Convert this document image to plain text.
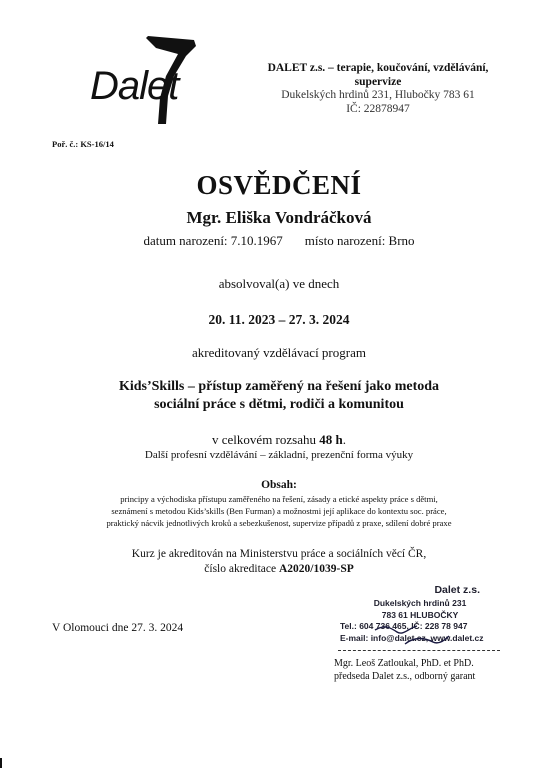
Dalet	DALET z.s. – terapie, koučování, vzdělávání,
supervize
Dukelských hrdinů 231, Hlubočky 783 61
IČ: 22878947
Poř. č.: KS-16/14
OSVĚDČENÍ
Mgr. Eliška Vondráčková
datum narození: 7.10.1967 místo narození: Brno
absolvoval(a) ve dnech
20. 11. 2023 – 27. 3. 2024
akreditovaný vzdělávací program
Kids’Skills – přístup zaměřený na řešení jako metoda
sociální práce s dětmi, rodiči a komunitou
v celkovém rozsahu 48 h.
Další profesní vzdělávání – základní, prezenční forma výuky
Obsah:
principy a východiska přístupu zaměřeného na řešení, zásady a etické aspekty práce s dětmi,
seznámení s metodou Kids’skills (Ben Furman) a možnostmi její aplikace do kontextu soc. práce,
praktický nácvik jednotlivých kroků a sebezkušenost, supervize případů z praxe, sdílení dobré praxe
Kurz je akreditován na Ministerstvu práce a sociálních věcí ČR,
číslo akreditace A2020/1039-SP
V Olomouci dne 27. 3. 2024
Dalet z.s.
Dukelských hrdinů 231
783 61 HLUBOČKY
Tel.: 604 736 465, IČ: 228 78 947
E-mail: info@dalet.cz, www.dalet.cz
Mgr. Leoš Zatloukal, PhD. et PhD.
předseda Dalet z.s., odborný garant
